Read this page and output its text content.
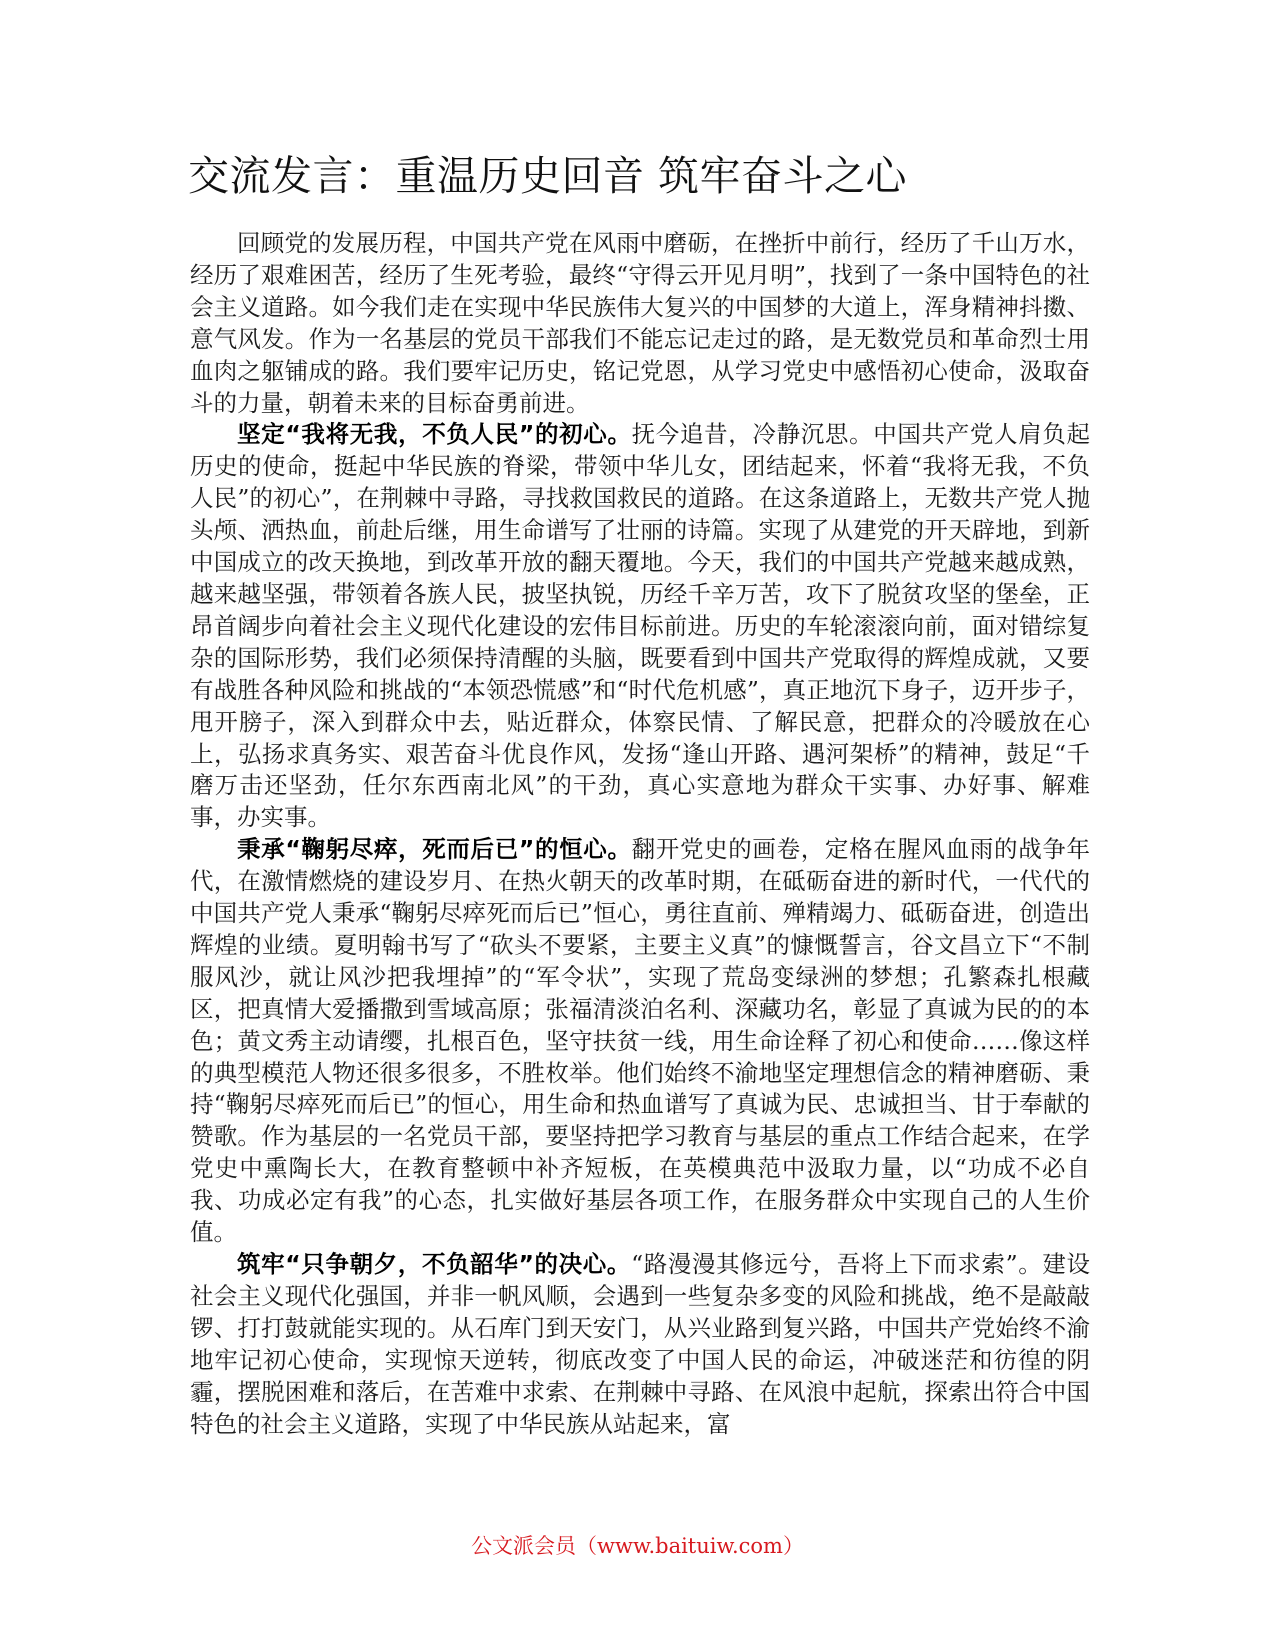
交流发言：重温历史回音 筑牢奋斗之心

回顾党的发展历程，中国共产党在风雨中磨砺，在挫折中前行，经历了千山万水，经历了艰难困苦，经历了生死考验，最终“守得云开见月明”，找到了一条中国特色的社会主义道路。如今我们走在实现中华民族伟大复兴的中国梦的大道上，浑身精神抖擞、意气风发。作为一名基层的党员干部我们不能忘记走过的路，是无数党员和革命烈士用血肉之躯铺成的路。我们要牢记历史，铭记党恩，从学习党史中感悟初心使命，汲取奋斗的力量，朝着未来的目标奋勇前进。

坚定“我将无我，不负人民”的初心。抚今追昔，冷静沉思。中国共产党人肩负起历史的使命，挺起中华民族的脊梁，带领中华儿女，团结起来，怀着“我将无我，不负人民”的初心”，在荆棘中寻路，寻找救国救民的道路。在这条道路上，无数共产党人抛头颅、洒热血，前赴后继，用生命谱写了壮丽的诗篇。实现了从建党的开天辟地，到新中国成立的改天换地，到改革开放的翻天覆地。今天，我们的中国共产党越来越成熟，越来越坚强，带领着各族人民，披坚执锐，历经千辛万苦，攻下了脱贫攻坚的堡垒，正昂首阔步向着社会主义现代化建设的宏伟目标前进。历史的车轮滚滚向前，面对错综复杂的国际形势，我们必须保持清醒的头脑，既要看到中国共产党取得的辉煌成就，又要有战胜各种风险和挑战的“本领恐慌感”和“时代危机感”，真正地沉下身子，迈开步子，甩开膀子，深入到群众中去，贴近群众，体察民情、了解民意，把群众的冷暖放在心上，弘扬求真务实、艰苦奋斗优良作风，发扬“逢山开路、遇河架桥”的精神，鼓足“千磨万击还坚劲，任尔东西南北风”的干劲，真心实意地为群众干实事、办好事、解难事，办实事。

秉承“鞠躬尽瘁，死而后已”的恒心。翻开党史的画卷，定格在腥风血雨的战争年代，在激情燃烧的建设岁月、在热火朝天的改革时期，在砥砺奋进的新时代，一代代的中国共产党人秉承“鞠躬尽瘁死而后已”恒心，勇往直前、殚精竭力、砥砺奋进，创造出辉煌的业绩。夏明翰书写了“砍头不要紧，主要主义真”的慷慨誓言，谷文昌立下“不制服风沙，就让风沙把我埋掉”的“军令状”，实现了荒岛变绿洲的梦想；孔繁森扎根藏区，把真情大爱播撒到雪域高原；张福清淡泊名利、深藏功名，彰显了真诚为民的的本色；黄文秀主动请缨，扎根百色，坚守扶贫一线，用生命诠释了初心和使命……像这样的典型模范人物还很多很多，不胜枚举。他们始终不渝地坚定理想信念的精神磨砺、秉持“鞠躬尽瘁死而后已”的恒心，用生命和热血谱写了真诚为民、忠诚担当、甘于奉献的赞歌。作为基层的一名党员干部，要坚持把学习教育与基层的重点工作结合起来，在学党史中熏陶长大，在教育整顿中补齐短板，在英模典范中汲取力量，以“功成不必自我、功成必定有我”的心态，扎实做好基层各项工作，在服务群众中实现自己的人生价值。

筑牢“只争朝夕，不负韶华”的决心。“路漫漫其修远兮，吾将上下而求索”。建设社会主义现代化强国，并非一帆风顺，会遇到一些复杂多变的风险和挑战，绝不是敲敲锣、打打鼓就能实现的。从石库门到天安门，从兴业路到复兴路，中国共产党始终不渝地牢记初心使命，实现惊天逆转，彻底改变了中国人民的命运，冲破迷茫和彷徨的阴霾，摆脱困难和落后，在苦难中求索、在荆棘中寻路、在风浪中起航，探索出符合中国特色的社会主义道路，实现了中华民族从站起来，富

公文派会员（www.baituiw.com）
